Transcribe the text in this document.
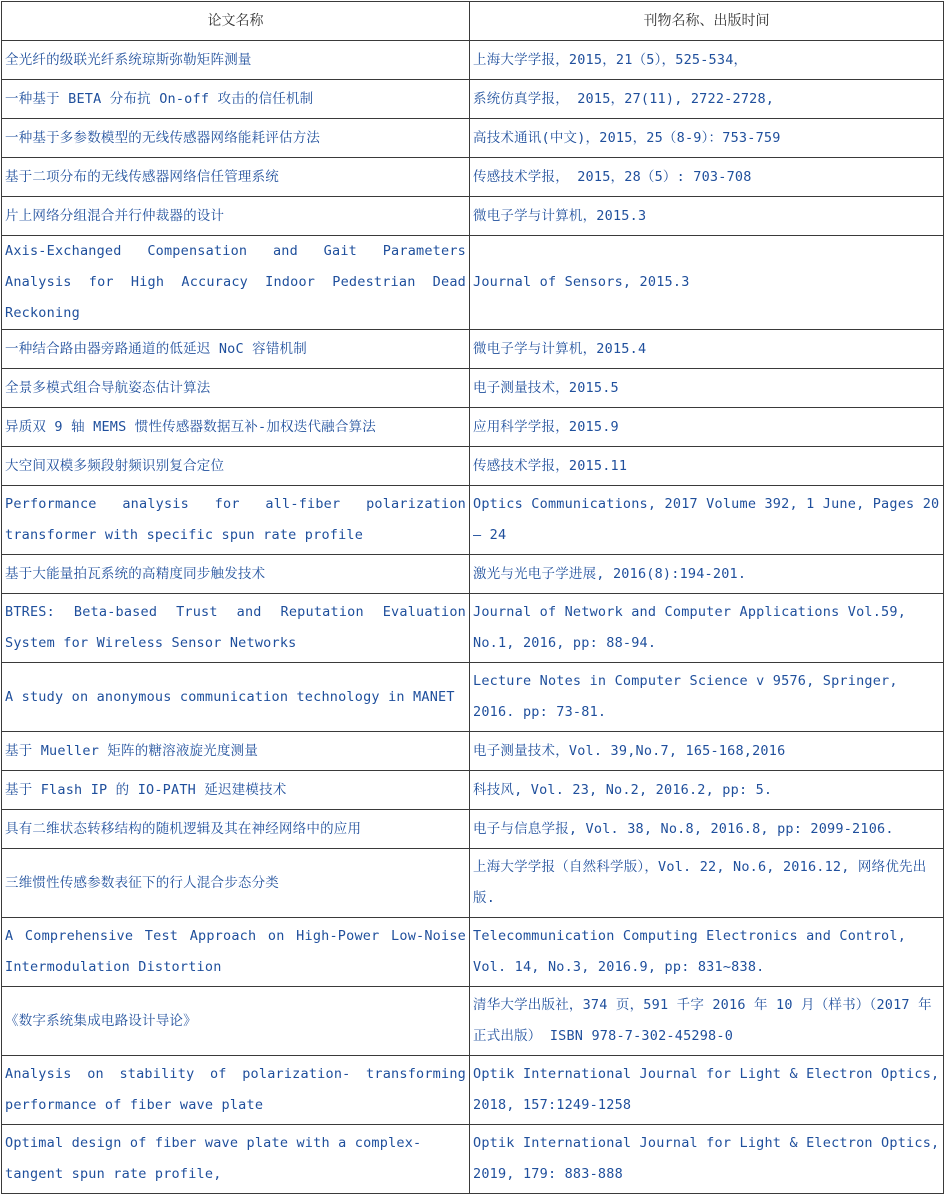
论文名称	刊物名称、出版时间

全光纤的级联光纤系统琼斯弥勒矩阵测量	上海大学学报，2015，21（5），525-534，

一种基于 BETA 分布抗 On-off 攻击的信任机制	系统仿真学报， 2015，27(11), 2722-2728,

一种基于多参数模型的无线传感器网络能耗评估方法	高技术通讯(中文)，2015，25（8-9）：753-759

基于二项分布的无线传感器网络信任管理系统	传感技术学报， 2015，28（5）: 703-708

片上网络分组混合并行仲裁器的设计	微电子学与计算机，2015.3

Axis-Exchanged Compensation and Gait Parameters Analysis for High Accuracy Indoor Pedestrian Dead Reckoning	Journal of Sensors, 2015.3

一种结合路由器旁路通道的低延迟 NoC 容错机制	微电子学与计算机，2015.4

全景多模式组合导航姿态估计算法	电子测量技术，2015.5

异质双 9 轴 MEMS 惯性传感器数据互补-加权迭代融合算法	应用科学学报，2015.9

大空间双模多频段射频识别复合定位	传感技术学报，2015.11

Performance analysis for all-fiber polarization transformer with specific spun rate profile	Optics Communications, 2017 Volume 392, 1 June, Pages 20 – 24

基于大能量拍瓦系统的高精度同步触发技术	激光与光电子学进展, 2016(8):194-201.

BTRES: Beta-based Trust and Reputation Evaluation System for Wireless Sensor Networks	Journal of Network and Computer Applications Vol.59, No.1, 2016, pp: 88-94.

A study on anonymous communication technology in MANET	Lecture Notes in Computer Science v 9576, Springer, 2016. pp: 73-81.

基于 Mueller 矩阵的糖溶液旋光度测量	电子测量技术，Vol. 39,No.7, 165-168,2016

基于 Flash IP 的 IO-PATH 延迟建模技术	科技风, Vol. 23, No.2, 2016.2, pp: 5.

具有二维状态转移结构的随机逻辑及其在神经网络中的应用	电子与信息学报, Vol. 38, No.8, 2016.8, pp: 2099-2106.

三维惯性传感参数表征下的行人混合步态分类	上海大学学报（自然科学版），Vol. 22, No.6, 2016.12, 网络优先出版.

A Comprehensive Test Approach on High-Power Low-Noise Intermodulation Distortion	Telecommunication Computing Electronics and Control, Vol. 14, No.3, 2016.9, pp: 831~838.

《数字系统集成电路设计导论》	清华大学出版社，374 页，591 千字 2016 年 10 月（样书）（2017 年正式出版） ISBN 978-7-302-45298-0

Analysis on stability of polarization- transforming performance of fiber wave plate	Optik International Journal for Light & Electron Optics, 2018, 157:1249-1258

Optimal design of fiber wave plate with a complex-tangent spun rate profile,	Optik International Journal for Light & Electron Optics, 2019, 179: 883-888
